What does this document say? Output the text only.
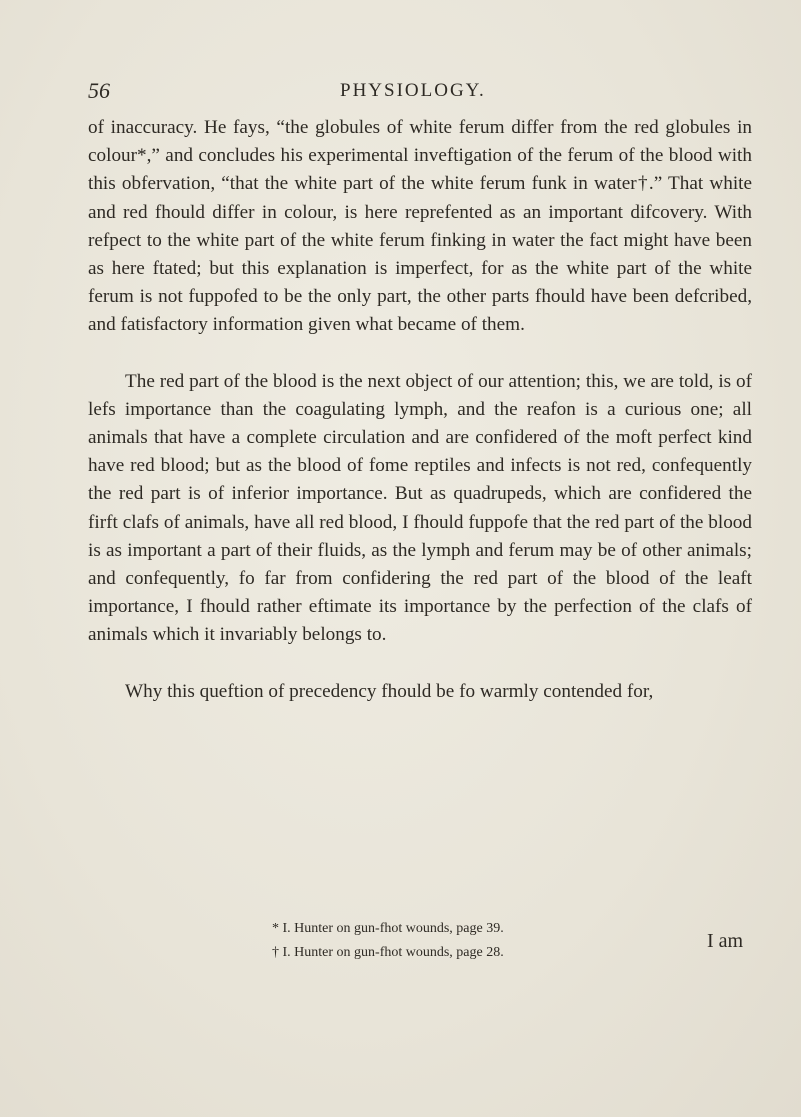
56	PHYSIOLOGY.

of inaccuracy. He fays, “the globules of white ferum differ from the red globules in colour*,” and concludes his experimental inveftigation of the ferum of the blood with this obfervation, “that the white part of the white ferum funk in water†.” That white and red fhould differ in colour, is here reprefented as an important difcovery. With refpect to the white part of the white ferum finking in water the fact might have been as here ftated; but this explanation is imperfect, for as the white part of the white ferum is not fuppofed to be the only part, the other parts fhould have been defcribed, and fatisfactory information given what became of them.

The red part of the blood is the next object of our attention; this, we are told, is of lefs importance than the coagulating lymph, and the reafon is a curious one; all animals that have a complete circulation and are confidered of the moft perfect kind have red blood; but as the blood of fome reptiles and infects is not red, confequently the red part is of inferior importance. But as quadrupeds, which are confidered the firft clafs of animals, have all red blood, I fhould fuppofe that the red part of the blood is as important a part of their fluids, as the lymph and ferum may be of other animals; and confequently, fo far from confidering the red part of the blood of the leaft importance, I fhould rather eftimate its importance by the perfection of the clafs of animals which it invariably belongs to.

Why this queftion of precedency fhould be fo warmly contended for,

* I. Hunter on gun-fhot wounds, page 39.

† I. Hunter on gun-fhot wounds, page 28.

I am
